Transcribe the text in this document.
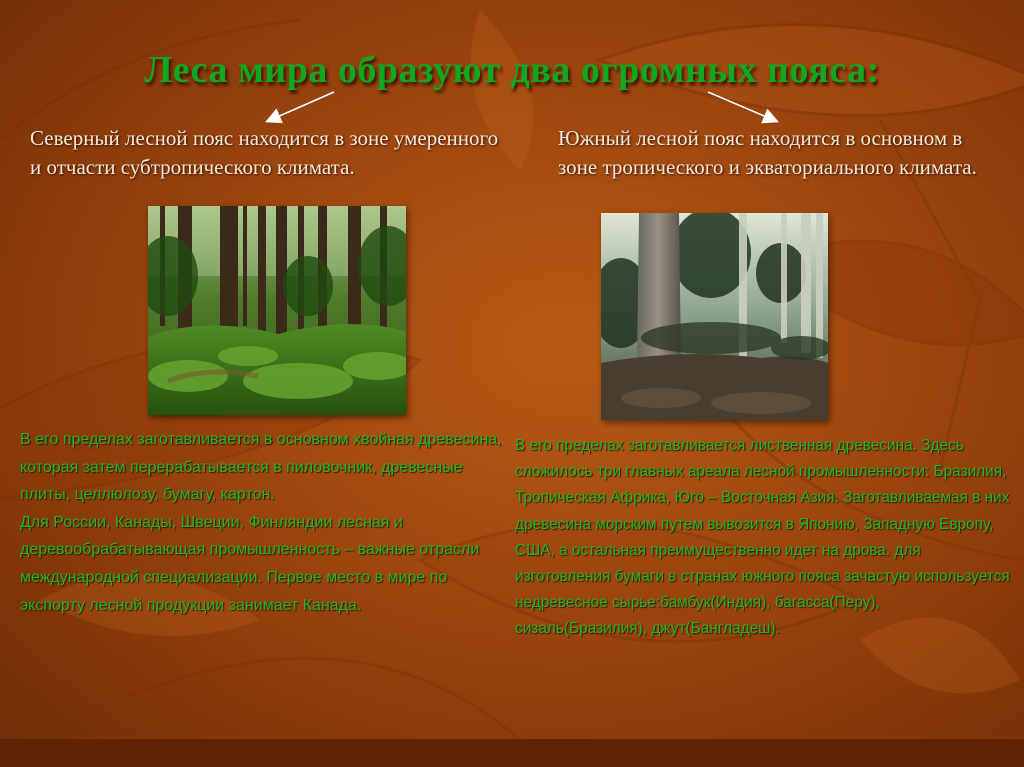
Леса мира образуют два огромных пояса:
Северный лесной пояс находится в зоне умеренного и отчасти субтропического климата.
Южный лесной пояс находится в основном в зоне тропического и экваториального климата.

В его пределах заготавливается в основном хвойная древесина, которая затем перерабатывается в пиловочник, древесные плиты, целлюлозу, бумагу, картон.

Для России, Канады, Швеции, Финляндии лесная и деревообрабатывающая промышленность – важные отрасли международной специализации. Первое место в мире по экспорту лесной продукции занимает Канада.

В его пределах заготавливается лиственная древесина. Здесь сложилось три главных ареала лесной промышленности: Бразилия, Тропическая Африка, Юго – Восточная Азия. Заготавливаемая в них древесина морским путем вывозится в Японию, Западную Европу, США, а остальная преимущественно идет на дрова. для изготовления бумаги в странах южного пояса зачастую используется недревесное сырье:бамбук(Индия), багасса(Перу), сизаль(Бразилия), джут(Бангладеш).
